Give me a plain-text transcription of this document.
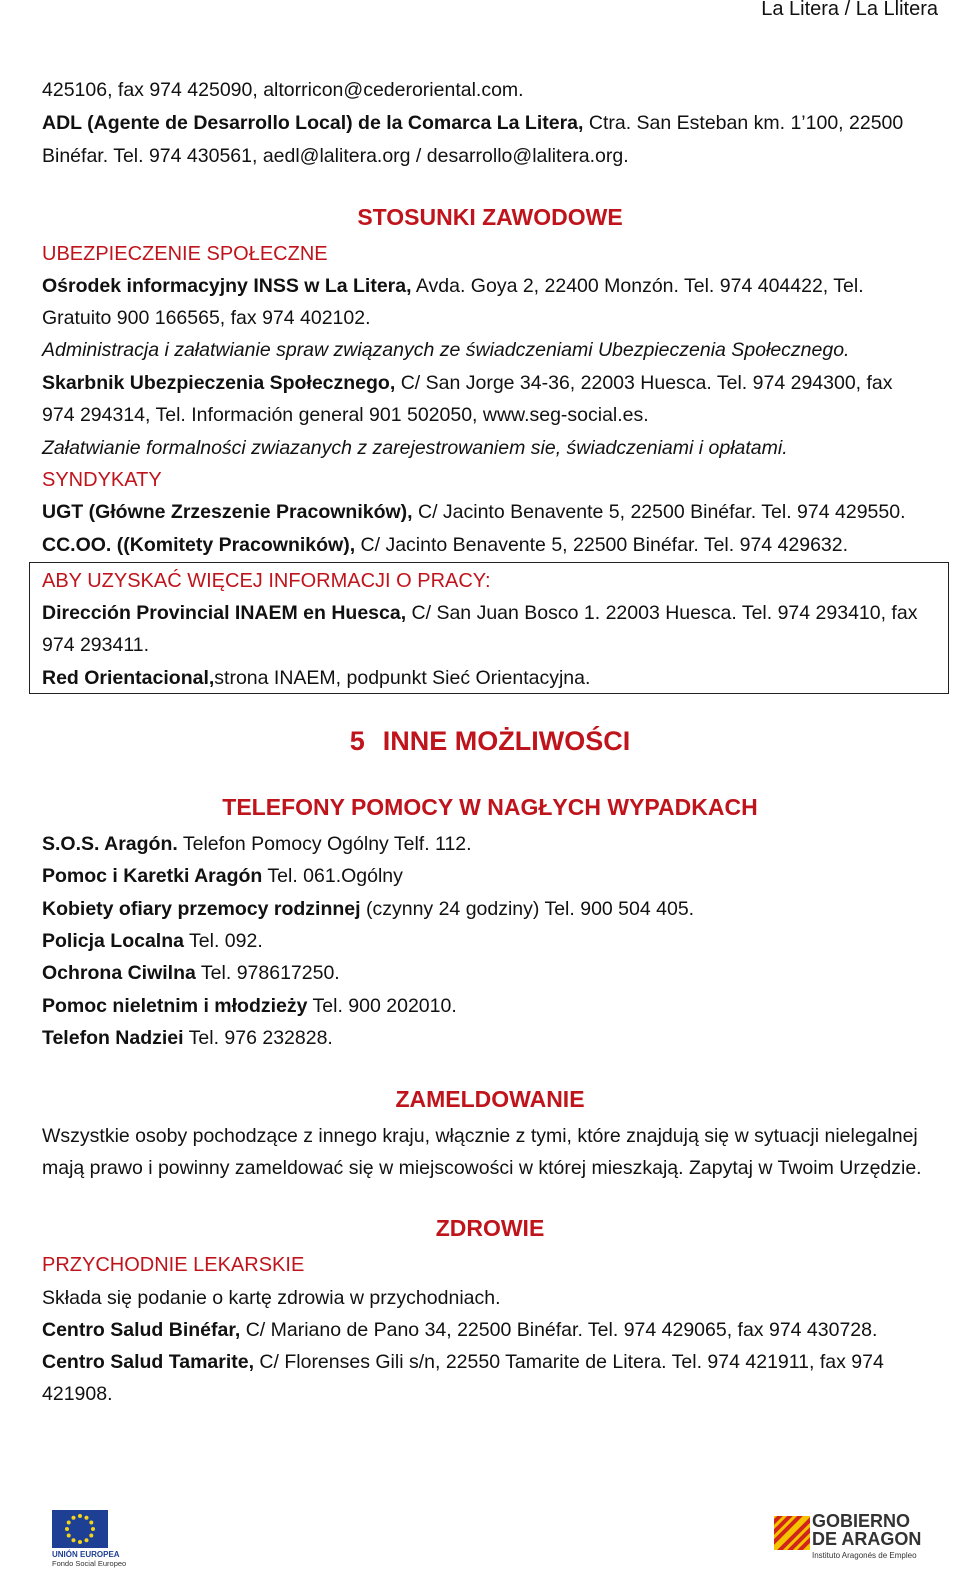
La Litera / La Llitera
425106, fax 974 425090, altorricon@cederoriental.com.
ADL (Agente de Desarrollo Local) de la Comarca La Litera, Ctra. San Esteban km. 1’100, 22500
Binéfar. Tel. 974 430561, aedl@lalitera.org / desarrollo@lalitera.org.
STOSUNKI ZAWODOWE
UBEZPIECZENIE SPOŁECZNE
Ośrodek informacyjny INSS w La Litera, Avda. Goya 2, 22400 Monzón. Tel. 974 404422, Tel.
Gratuito 900 166565, fax 974 402102.
Administracja i załatwianie spraw związanych ze świadczeniami Ubezpieczenia Społecznego.
Skarbnik Ubezpieczenia Społecznego, C/ San Jorge 34-36, 22003 Huesca. Tel. 974 294300, fax
974 294314, Tel. Información general 901 502050, www.seg-social.es.
Załatwianie formalności zwiazanych z zarejestrowaniem sie, świadczeniami i opłatami.
SYNDYKATY
UGT (Główne Zrzeszenie Pracowników), C/ Jacinto Benavente 5, 22500 Binéfar. Tel. 974 429550.
CC.OO. ((Komitety Pracowników), C/ Jacinto Benavente 5, 22500 Binéfar. Tel. 974 429632.
ABY UZYSKAĆ WIĘCEJ INFORMACJI O PRACY:
Dirección Provincial INAEM en Huesca, C/ San Juan Bosco 1. 22003 Huesca. Tel. 974 293410, fax
974 293411.
Red Orientacional,strona INAEM, podpunkt Sieć Orientacyjna.
5 INNE MOŻLIWOŚCI
TELEFONY POMOCY W NAGŁYCH WYPADKACH
S.O.S. Aragón. Telefon Pomocy Ogólny Telf. 112.
Pomoc i Karetki Aragón Tel. 061.Ogólny
Kobiety ofiary przemocy rodzinnej (czynny 24 godziny) Tel. 900 504 405.
Policja Localna Tel. 092.
Ochrona Ciwilna Tel. 978617250.
Pomoc nieletnim i młodzieży Tel. 900 202010.
Telefon Nadziei Tel. 976 232828.
ZAMELDOWANIE
Wszystkie osoby pochodzące z innego kraju, włącznie z tymi, które znajdują się w sytuacji nielegalnej
mają prawo i powinny zameldować się w miejscowości w której mieszkają. Zapytaj w Twoim Urzędzie.
ZDROWIE
PRZYCHODNIE LEKARSKIE
Składa się podanie o kartę zdrowia w przychodniach.
Centro Salud Binéfar, C/ Mariano de Pano 34, 22500 Binéfar. Tel. 974 429065, fax 974 430728.
Centro Salud Tamarite, C/ Florenses Gili s/n, 22550 Tamarite de Litera. Tel. 974 421911, fax 974
421908.
UNIÓN EUROPEA
Fondo Social Europeo
GOBIERNO
DE ARAGON
Instituto Aragonés de Empleo
